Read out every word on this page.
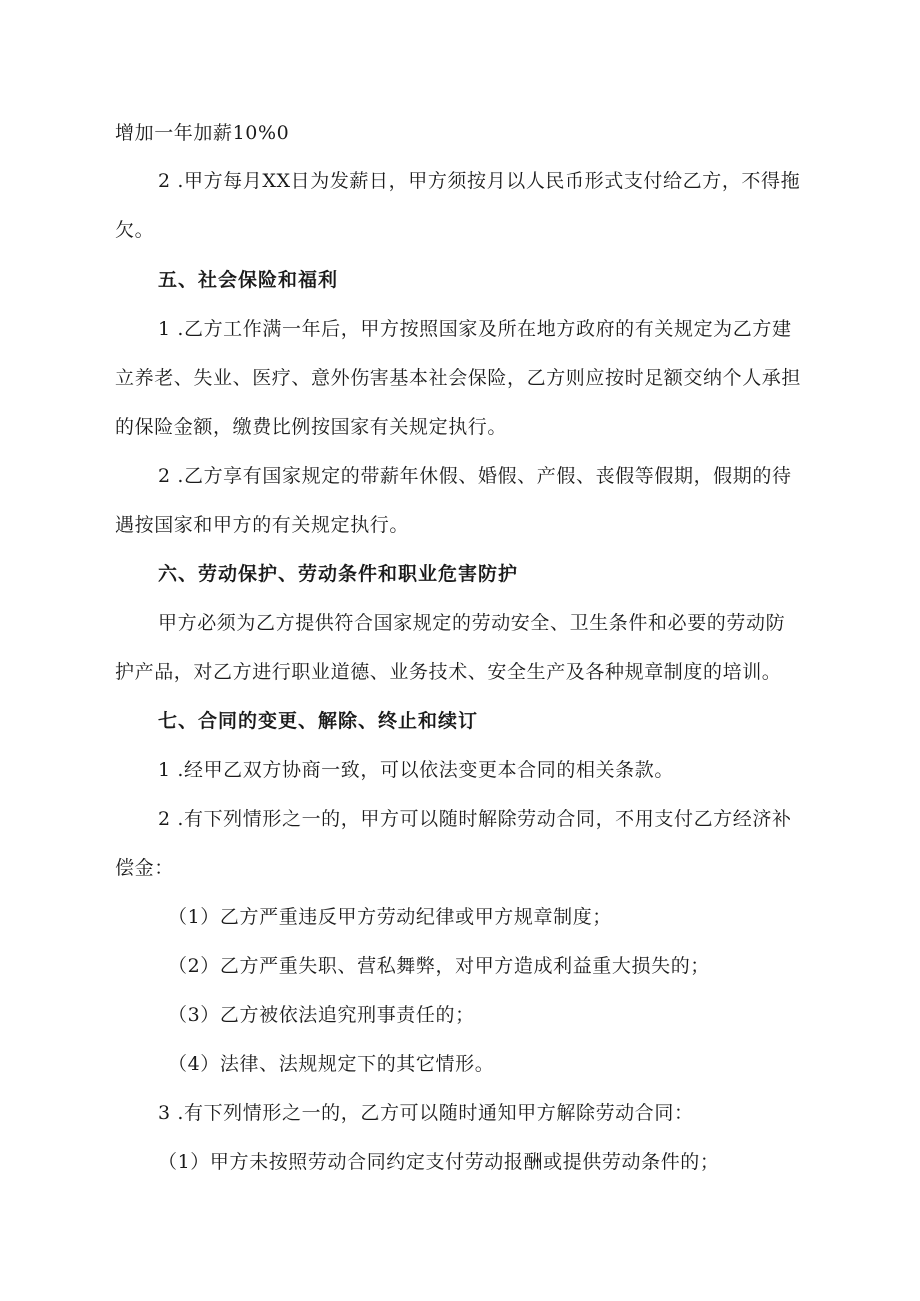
增加一年加薪10%0
2 .甲方每月XX日为发薪日，甲方须按月以人民币形式支付给乙方，不得拖
欠。
五、社会保险和福利
1 .乙方工作满一年后，甲方按照国家及所在地方政府的有关规定为乙方建
立养老、失业、医疗、意外伤害基本社会保险，乙方则应按时足额交纳个人承担
的保险金额，缴费比例按国家有关规定执行。
2 .乙方享有国家规定的带薪年休假、婚假、产假、丧假等假期，假期的待
遇按国家和甲方的有关规定执行。
六、劳动保护、劳动条件和职业危害防护
甲方必须为乙方提供符合国家规定的劳动安全、卫生条件和必要的劳动防
护产品，对乙方进行职业道德、业务技术、安全生产及各种规章制度的培训。
七、合同的变更、解除、终止和续订
1 .经甲乙双方协商一致，可以依法变更本合同的相关条款。
2 .有下列情形之一的，甲方可以随时解除劳动合同，不用支付乙方经济补
偿金：
（1）乙方严重违反甲方劳动纪律或甲方规章制度；
（2）乙方严重失职、营私舞弊，对甲方造成利益重大损失的；
（3）乙方被依法追究刑事责任的；
（4）法律、法规规定下的其它情形。
3 .有下列情形之一的，乙方可以随时通知甲方解除劳动合同：
（1）甲方未按照劳动合同约定支付劳动报酬或提供劳动条件的；
